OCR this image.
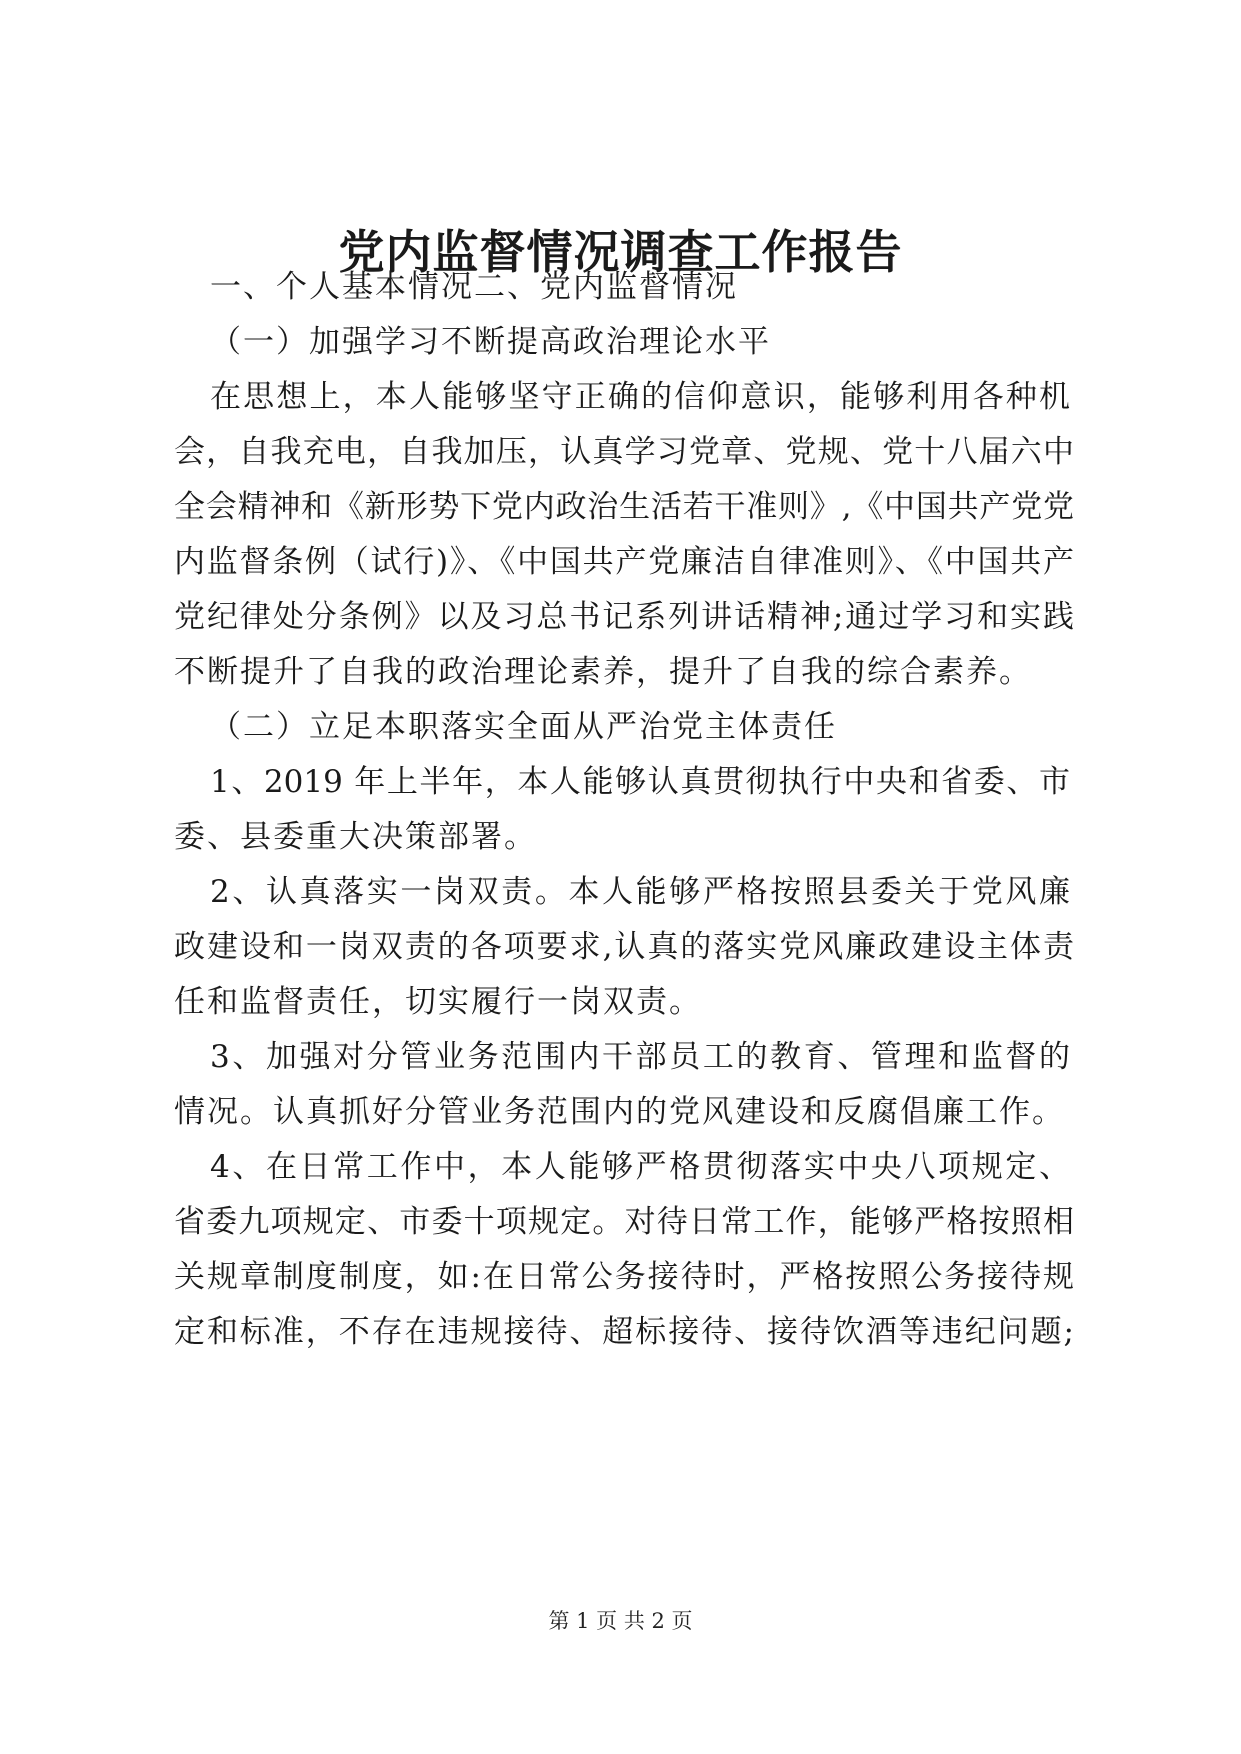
党内监督情况调查工作报告

一、个人基本情况二、党内监督情况

（一）加强学习不断提高政治理论水平

在思想上，本人能够坚守正确的信仰意识，能够利用各种机

会，自我充电，自我加压，认真学习党章、党规、党十八届六中

全会精神和《新形势下党内政治生活若干准则》,《中国共产党党

内监督条例（试行)》、《中国共产党廉洁自律准则》、《中国共产

党纪律处分条例》以及习总书记系列讲话精神;通过学习和实践

不断提升了自我的政治理论素养，提升了自我的综合素养。

（二）立足本职落实全面从严治党主体责任

1、2019 年上半年，本人能够认真贯彻执行中央和省委、市

委、县委重大决策部署。

2、认真落实一岗双责。本人能够严格按照县委关于党风廉

政建设和一岗双责的各项要求,认真的落实党风廉政建设主体责

任和监督责任，切实履行一岗双责。

3、加强对分管业务范围内干部员工的教育、管理和监督的

情况。认真抓好分管业务范围内的党风建设和反腐倡廉工作。

4、在日常工作中，本人能够严格贯彻落实中央八项规定、

省委九项规定、市委十项规定。对待日常工作，能够严格按照相

关规章制度制度，如:在日常公务接待时，严格按照公务接待规

定和标准，不存在违规接待、超标接待、接待饮酒等违纪问题;

第 1 页 共 2 页
